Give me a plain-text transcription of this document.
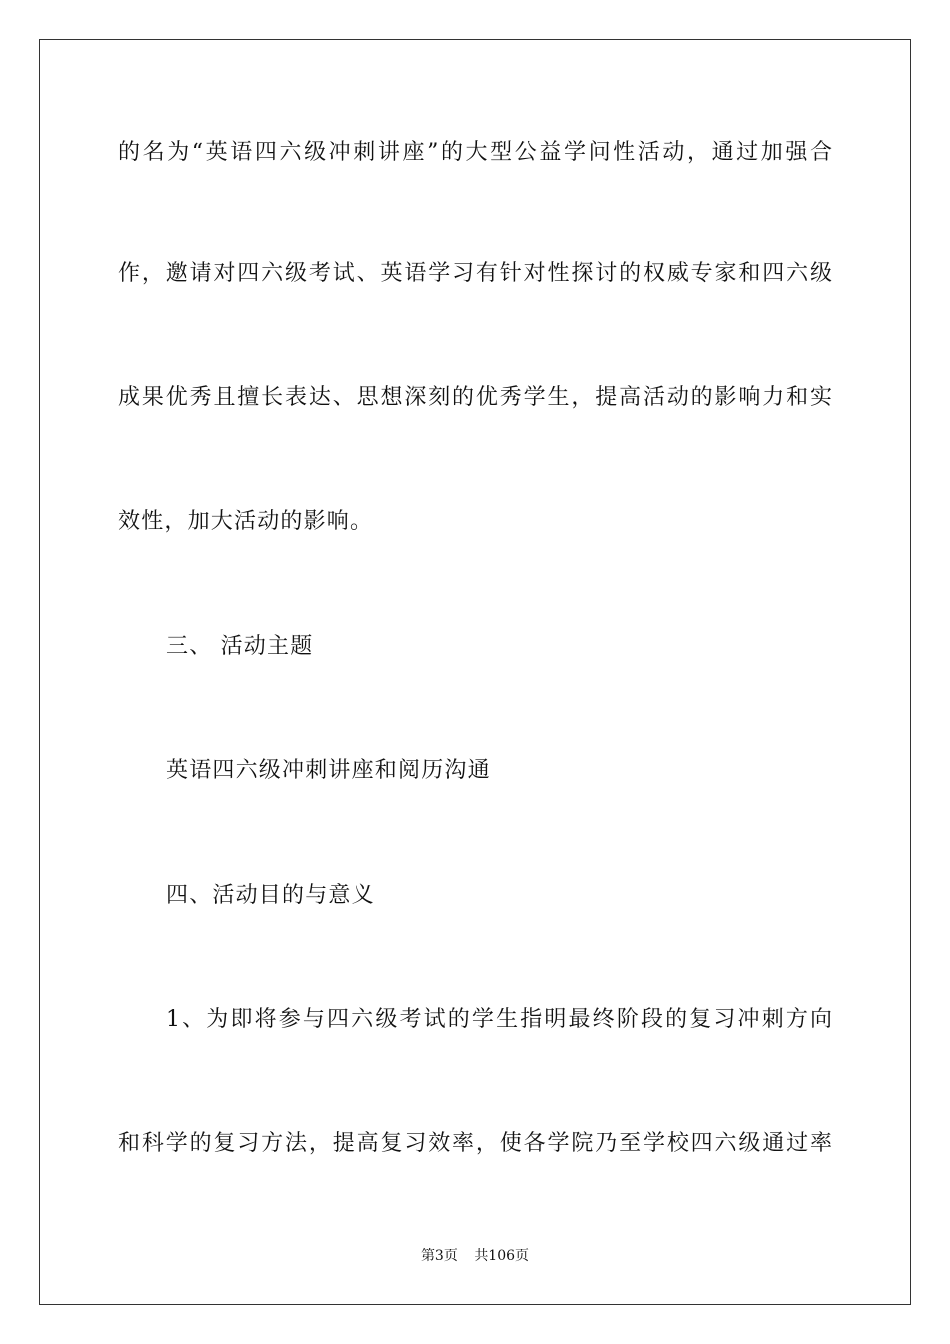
的名为“英语四六级冲刺讲座”的大型公益学问性活动，通过加强合
作，邀请对四六级考试、英语学习有针对性探讨的权威专家和四六级
成果优秀且擅长表达、思想深刻的优秀学生，提高活动的影响力和实
效性，加大活动的影响。
三、 活动主题
英语四六级冲刺讲座和阅历沟通
四、活动目的与意义
1、为即将参与四六级考试的学生指明最终阶段的复习冲刺方向
和科学的复习方法，提高复习效率，使各学院乃至学校四六级通过率
第3页 共106页
